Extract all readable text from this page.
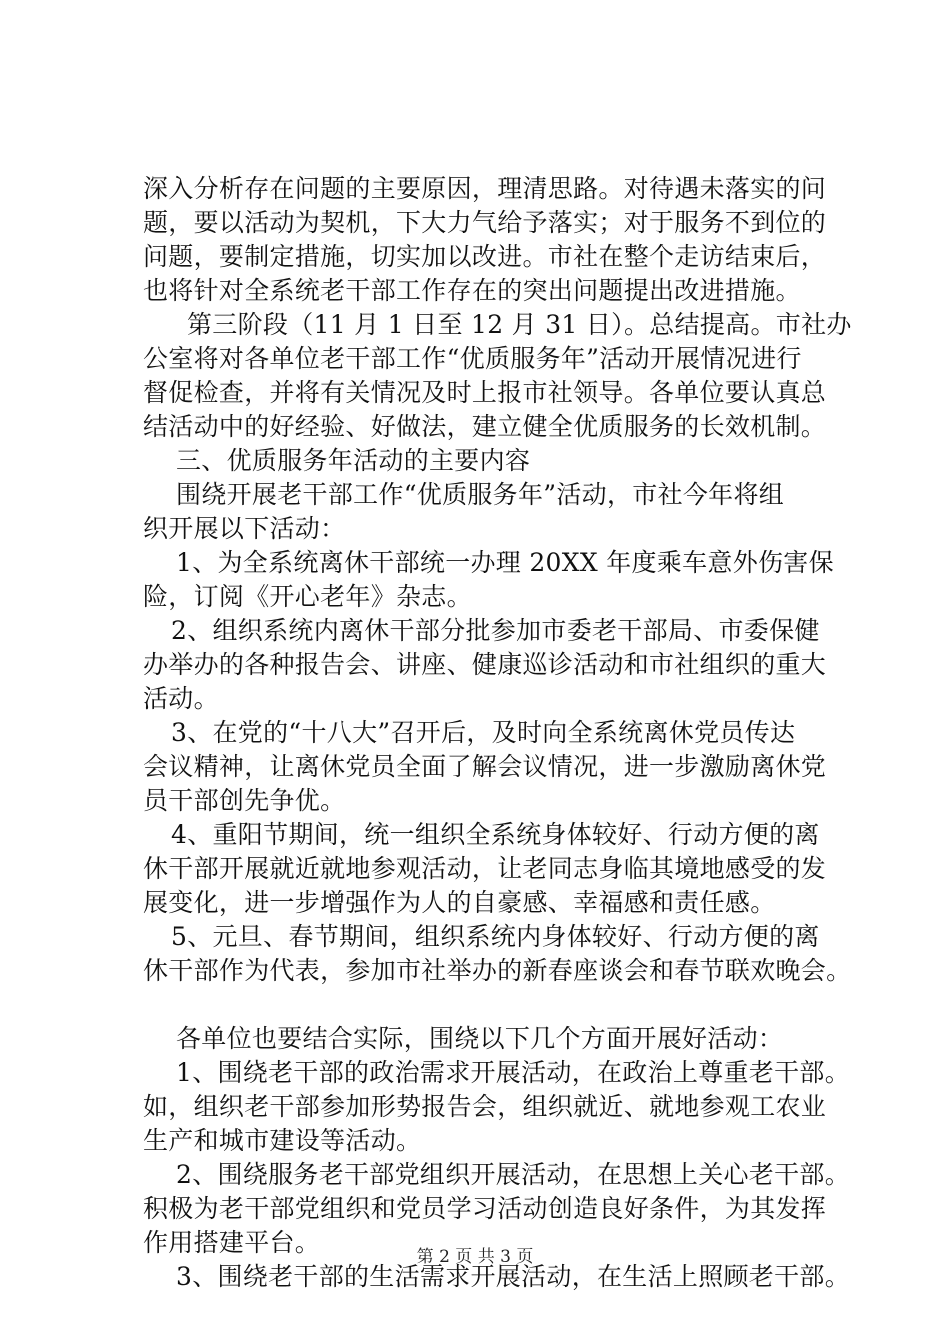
深入分析存在问题的主要原因，理清思路。对待遇未落实的问
题，要以活动为契机，下大力气给予落实；对于服务不到位的
问题，要制定措施，切实加以改进。市社在整个走访结束后，
也将针对全系统老干部工作存在的突出问题提出改进措施。
第三阶段（11 月 1 日至 12 月 31 日）。总结提高。市社办
公室将对各单位老干部工作“优质服务年”活动开展情况进行
督促检查，并将有关情况及时上报市社领导。各单位要认真总
结活动中的好经验、好做法，建立健全优质服务的长效机制。
三、优质服务年活动的主要内容
围绕开展老干部工作“优质服务年”活动，市社今年将组
织开展以下活动：
1、为全系统离休干部统一办理 20XX 年度乘车意外伤害保
险，订阅《开心老年》杂志。
2、组织系统内离休干部分批参加市委老干部局、市委保健
办举办的各种报告会、讲座、健康巡诊活动和市社组织的重大
活动。
3、在党的“十八大”召开后，及时向全系统离休党员传达
会议精神，让离休党员全面了解会议情况，进一步激励离休党
员干部创先争优。
4、重阳节期间，统一组织全系统身体较好、行动方便的离
休干部开展就近就地参观活动，让老同志身临其境地感受的发
展变化，进一步增强作为人的自豪感、幸福感和责任感。
5、元旦、春节期间，组织系统内身体较好、行动方便的离
休干部作为代表，参加市社举办的新春座谈会和春节联欢晚会。
各单位也要结合实际，围绕以下几个方面开展好活动：
1、围绕老干部的政治需求开展活动，在政治上尊重老干部。
如，组织老干部参加形势报告会，组织就近、就地参观工农业
生产和城市建设等活动。
2、围绕服务老干部党组织开展活动，在思想上关心老干部。
积极为老干部党组织和党员学习活动创造良好条件，为其发挥
作用搭建平台。
3、围绕老干部的生活需求开展活动，在生活上照顾老干部。
第 2 页 共 3 页
